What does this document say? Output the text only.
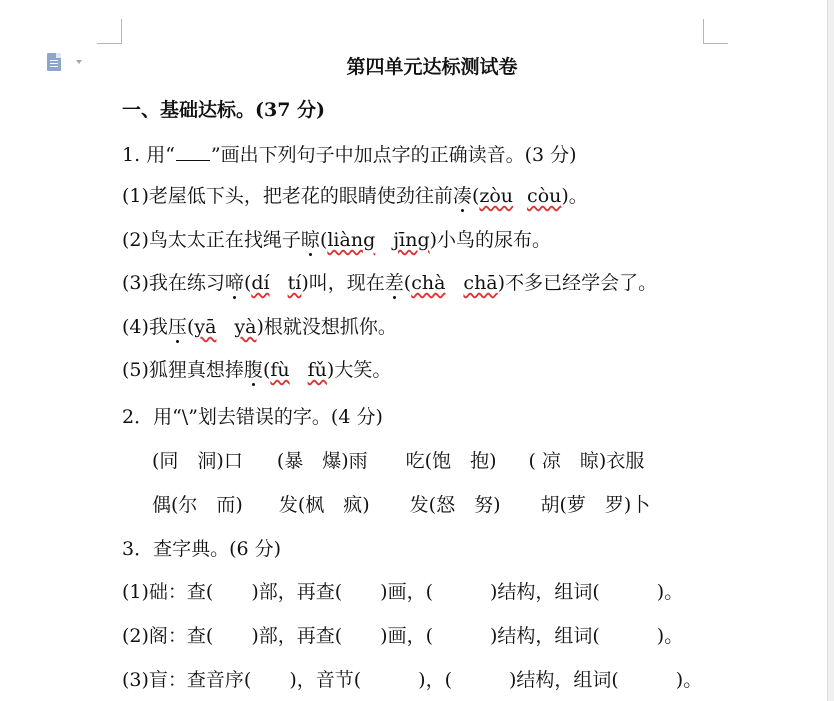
第四单元达标测试卷
一、基础达标。(37 分)
1. 用“ ”画出下列句子中加点字的正确读音。(3 分)
(1)老屋低下头，把老花的眼睛使劲往前凑(zòu còu)。
(2)鸟太太正在找绳子晾(liàng jīng)小鸟的尿布。
(3)我在练习啼(dí tí)叫，现在差(chà chā)不多已经学会了。
(4)我压(yā yà)根就没想抓你。
(5)狐狸真想捧腹(fù fǔ)大笑。
2．用“\”划去错误的字。(4 分)
(同　洞)口 (暴　爆)雨 吃(饱　抱) ( 凉　晾)衣服
偶(尔　而) 发(枫　疯) 发(怒　努) 胡(萝　罗)卜
3．查字典。(6 分)
(1)础：查(　　)部，再查(　　)画，(　　　)结构，组词(　　　)。
(2)阁：查(　　)部，再查(　　)画，(　　　)结构，组词(　　　)。
(3)盲：查音序(　　)，音节(　　　)，(　　　)结构，组词(　　　)。
